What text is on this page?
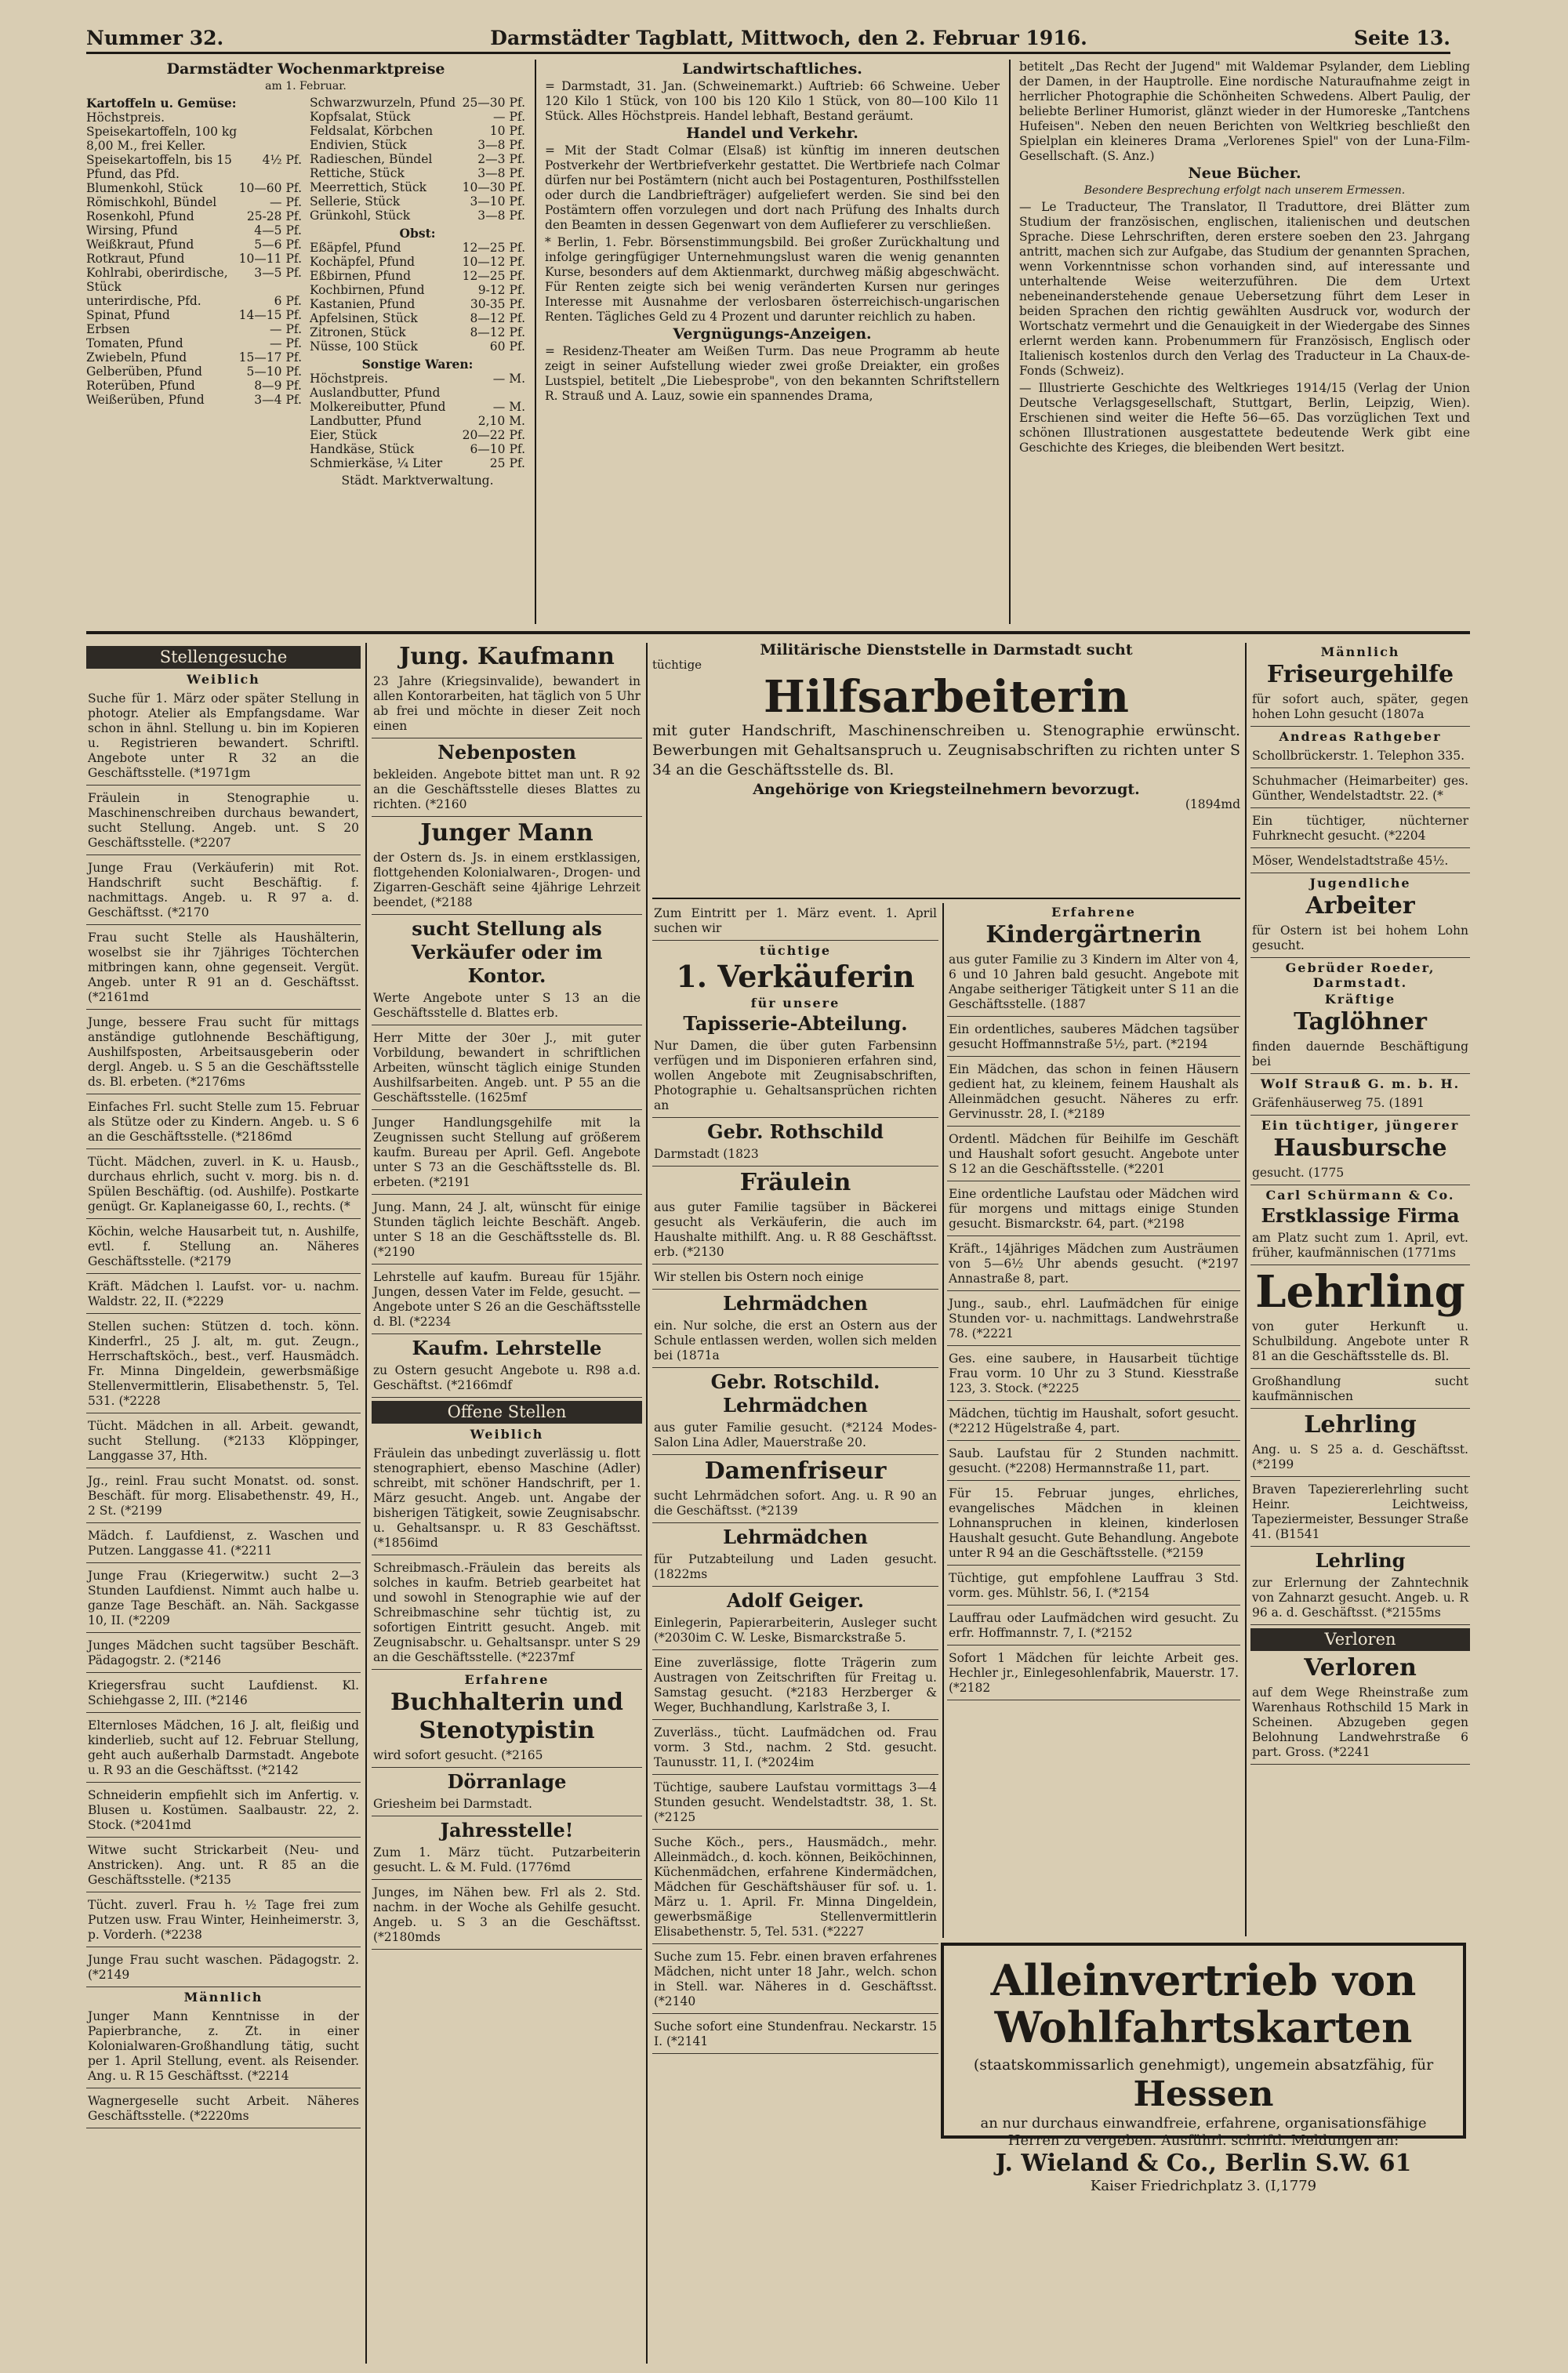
Nummer 32.	Darmstädter Tagblatt, Mittwoch, den 2. Februar 1916.	Seite 13.
Darmstädter Wochenmarktpreise
am 1. Februar.
Kartoffeln u. Gemüse:
Höchstpreis. Speisekartoffeln, 100 kg 8,00 M., frei Keller.	
Speisekartoffeln, bis 15 Pfund, das Pfd.	4½ Pf.
Blumenkohl, Stück	10—60 Pf.
Römischkohl, Bündel	— Pf.
Rosenkohl, Pfund	25-28 Pf.
Wirsing, Pfund	4—5 Pf.
Weißkraut, Pfund	5—6 Pf.
Rotkraut, Pfund	10—11 Pf.
Kohlrabi, oberirdische, Stück	3—5 Pf.
unterirdische, Pfd.	6 Pf.
Spinat, Pfund	14—15 Pf.
Erbsen	— Pf.
Tomaten, Pfund	— Pf.
Zwiebeln, Pfund	15—17 Pf.
Gelberüben, Pfund	5—10 Pf.
Roterüben, Pfund	8—9 Pf.
Weißerüben, Pfund	3—4 Pf.
Schwarzwurzeln, Pfund	25—30 Pf.
Kopfsalat, Stück	— Pf.
Feldsalat, Körbchen	10 Pf.
Endivien, Stück	3—8 Pf.
Radieschen, Bündel	2—3 Pf.
Rettiche, Stück	3—8 Pf.
Meerrettich, Stück	10—30 Pf.
Sellerie, Stück	3—10 Pf.
Grünkohl, Stück	3—8 Pf.
Obst:
Eßäpfel, Pfund	12—25 Pf.
Kochäpfel, Pfund	10—12 Pf.
Eßbirnen, Pfund	12—25 Pf.
Kochbirnen, Pfund	9-12 Pf.
Kastanien, Pfund	30-35 Pf.
Apfelsinen, Stück	8—12 Pf.
Zitronen, Stück	8—12 Pf.
Nüsse, 100 Stück	60 Pf.
Sonstige Waren:
Höchstpreis. Auslandbutter, Pfund	— M.
Molkereibutter, Pfund	— M.
Landbutter, Pfund	2,10 M.
Eier, Stück	20—22 Pf.
Handkäse, Stück	6—10 Pf.
Schmierkäse, ¼ Liter	25 Pf.
Städt. Marktverwaltung.
Landwirtschaftliches.

= Darmstadt, 31. Jan. (Schweinemarkt.) Auftrieb: 66 Schweine. Ueber 120 Kilo 1 Stück, von 100 bis 120 Kilo 1 Stück, von 80—100 Kilo 11 Stück. Alles Höchstpreis. Handel lebhaft, Bestand geräumt.

Handel und Verkehr.

= Mit der Stadt Colmar (Elsaß) ist künftig im inneren deutschen Postverkehr der Wertbriefverkehr gestattet. Die Wertbriefe nach Colmar dürfen nur bei Postämtern (nicht auch bei Postagenturen, Posthilfsstellen oder durch die Landbriefträger) aufgeliefert werden. Sie sind bei den Postämtern offen vorzulegen und dort nach Prüfung des Inhalts durch den Beamten in dessen Gegenwart von dem Auflieferer zu verschließen.

* Berlin, 1. Febr. Börsenstimmungsbild. Bei großer Zurückhaltung und infolge geringfügiger Unternehmungslust waren die wenig genannten Kurse, besonders auf dem Aktienmarkt, durchweg mäßig abgeschwächt. Für Renten zeigte sich bei wenig veränderten Kursen nur geringes Interesse mit Ausnahme der verlosbaren österreichisch-ungarischen Renten. Tägliches Geld zu 4 Prozent und darunter reichlich zu haben.

Vergnügungs-Anzeigen.

= Residenz-Theater am Weißen Turm. Das neue Programm ab heute zeigt in seiner Aufstellung wieder zwei große Dreiakter, ein großes Lustspiel, betitelt „Die Liebesprobe", von den bekannten Schriftstellern R. Strauß und A. Lauz, sowie ein spannendes Drama,

betitelt „Das Recht der Jugend" mit Waldemar Psylander, dem Liebling der Damen, in der Hauptrolle. Eine nordische Naturaufnahme zeigt in herrlicher Photographie die Schönheiten Schwedens. Albert Paulig, der beliebte Berliner Humorist, glänzt wieder in der Humoreske „Tantchens Hufeisen". Neben den neuen Berichten von Weltkrieg beschließt den Spielplan ein kleineres Drama „Verlorenes Spiel" von der Luna-Film-Gesellschaft. (S. Anz.)

Neue Bücher.
Besondere Besprechung erfolgt nach unserem Ermessen.

— Le Traducteur, The Translator, Il Traduttore, drei Blätter zum Studium der französischen, englischen, italienischen und deutschen Sprache. Diese Lehrschriften, deren erstere soeben den 23. Jahrgang antritt, machen sich zur Aufgabe, das Studium der genannten Sprachen, wenn Vorkenntnisse schon vorhanden sind, auf interessante und unterhaltende Weise weiterzuführen. Die dem Urtext nebeneinanderstehende genaue Uebersetzung führt dem Leser in beiden Sprachen den richtig gewählten Ausdruck vor, wodurch der Wortschatz vermehrt und die Genauigkeit in der Wiedergabe des Sinnes erlernt werden kann. Probenummern für Französisch, Englisch oder Italienisch kostenlos durch den Verlag des Traducteur in La Chaux-de-Fonds (Schweiz).

— Illustrierte Geschichte des Weltkrieges 1914/15 (Verlag der Union Deutsche Verlagsgesellschaft, Stuttgart, Berlin, Leipzig, Wien). Erschienen sind weiter die Hefte 56—65. Das vorzüglichen Text und schönen Illustrationen ausgestattete bedeutende Werk gibt eine Geschichte des Krieges, die bleibenden Wert besitzt.

Stellengesuche
Weiblich

Suche für 1. März oder später Stellung in photogr. Atelier als Empfangsdame. War schon in ähnl. Stellung u. bin im Kopieren u. Registrieren bewandert. Schriftl. Angebote unter R 32 an die Geschäftsstelle. (*1971gm

Fräulein in Stenographie u. Maschinenschreiben durchaus bewandert, sucht Stellung. Angeb. unt. S 20 Geschäftsstelle. (*2207

Junge Frau (Verkäuferin) mit Rot. Handschrift sucht Beschäftig. f. nachmittags. Angeb. u. R 97 a. d. Geschäftsst. (*2170

Frau sucht Stelle als Haushälterin, woselbst sie ihr 7jähriges Töchterchen mitbringen kann, ohne gegenseit. Vergüt. Angeb. unter R 91 an d. Geschäftsst. (*2161md

Junge, bessere Frau sucht für mittags anständige gutlohnende Beschäftigung, Aushilfsposten, Arbeitsausgeberin oder dergl. Angeb. u. S 5 an die Geschäftsstelle ds. Bl. erbeten. (*2176ms

Einfaches Frl. sucht Stelle zum 15. Februar als Stütze oder zu Kindern. Angeb. u. S 6 an die Geschäftsstelle. (*2186md

Tücht. Mädchen, zuverl. in K. u. Hausb., durchaus ehrlich, sucht v. morg. bis n. d. Spülen Beschäftig. (od. Aushilfe). Postkarte genügt. Gr. Kaplaneigasse 60, I., rechts. (*

Köchin, welche Hausarbeit tut, n. Aushilfe, evtl. f. Stellung an. Näheres Geschäftsstelle. (*2179

Kräft. Mädchen l. Laufst. vor- u. nachm. Waldstr. 22, II. (*2229

Stellen suchen: Stützen d. toch. könn. Kinderfrl., 25 J. alt, m. gut. Zeugn., Herrschaftsköch., best., verf. Hausmädch. Fr. Minna Dingeldein, gewerbsmäßige Stellenvermittlerin, Elisabethenstr. 5, Tel. 531. (*2228

Tücht. Mädchen in all. Arbeit. gewandt, sucht Stellung. (*2133 Klöppinger, Langgasse 37, Hth.

Jg., reinl. Frau sucht Monatst. od. sonst. Beschäft. für morg. Elisabethenstr. 49, H., 2 St. (*2199

Mädch. f. Laufdienst, z. Waschen und Putzen. Langgasse 41. (*2211

Junge Frau (Kriegerwitw.) sucht 2—3 Stunden Laufdienst. Nimmt auch halbe u. ganze Tage Beschäft. an. Näh. Sackgasse 10, II. (*2209

Junges Mädchen sucht tagsüber Beschäft. Pädagogstr. 2. (*2146

Kriegersfrau sucht Laufdienst. Kl. Schiehgasse 2, III. (*2146

Elternloses Mädchen, 16 J. alt, fleißig und kinderlieb, sucht auf 12. Februar Stellung, geht auch außerhalb Darmstadt. Angebote u. R 93 an die Geschäftsst. (*2142

Schneiderin empfiehlt sich im Anfertig. v. Blusen u. Kostümen. Saalbaustr. 22, 2. Stock. (*2041md

Witwe sucht Strickarbeit (Neu- und Anstricken). Ang. unt. R 85 an die Geschäftsstelle. (*2135

Tücht. zuverl. Frau h. ½ Tage frei zum Putzen usw. Frau Winter, Heinheimerstr. 3, p. Vorderh. (*2238

Junge Frau sucht waschen. Pädagogstr. 2. (*2149

Männlich

Junger Mann Kenntnisse in der Papierbranche, z. Zt. in einer Kolonialwaren-Großhandlung tätig, sucht per 1. April Stellung, event. als Reisender. Ang. u. R 15 Geschäftsst. (*2214

Wagnergeselle sucht Arbeit. Näheres Geschäftsstelle. (*2220ms

Jung. Kaufmann

23 Jahre (Kriegsinvalide), bewandert in allen Kontorarbeiten, hat täglich von 5 Uhr ab frei und möchte in dieser Zeit noch einen

Nebenposten

bekleiden. Angebote bittet man unt. R 92 an die Geschäftsstelle dieses Blattes zu richten. (*2160

Junger Mann

der Ostern ds. Js. in einem erstklassigen, flottgehenden Kolonialwaren-, Drogen- und Zigarren-Geschäft seine 4jährige Lehrzeit beendet, (*2188

sucht Stellung als Verkäufer oder im Kontor.

Werte Angebote unter S 13 an die Geschäftsstelle d. Blattes erb.

Herr Mitte der 30er J., mit guter Vorbildung, bewandert in schriftlichen Arbeiten, wünscht täglich einige Stunden Aushilfsarbeiten. Angeb. unt. P 55 an die Geschäftsstelle. (1625mf

Junger Handlungsgehilfe mit la Zeugnissen sucht Stellung auf größerem kaufm. Bureau per April. Gefl. Angebote unter S 73 an die Geschäftsstelle ds. Bl. erbeten. (*2191

Jung. Mann, 24 J. alt, wünscht für einige Stunden täglich leichte Beschäft. Angeb. unter S 18 an die Geschäftsstelle ds. Bl. (*2190

Lehrstelle auf kaufm. Bureau für 15jähr. Jungen, dessen Vater im Felde, gesucht. — Angebote unter S 26 an die Geschäftsstelle d. Bl. (*2234

Kaufm. Lehrstelle

zu Ostern gesucht Angebote u. R98 a.d. Geschäftst. (*2166mdf

Offene Stellen
Weiblich

Fräulein das unbedingt zuverlässig u. flott stenographiert, ebenso Maschine (Adler) schreibt, mit schöner Handschrift, per 1. März gesucht. Angeb. unt. Angabe der bisherigen Tätigkeit, sowie Zeugnisabschr. u. Gehaltsanspr. u. R 83 Geschäftsst. (*1856imd

Schreibmasch.-Fräulein das bereits als solches in kaufm. Betrieb gearbeitet hat und sowohl in Stenographie wie auf der Schreibmaschine sehr tüchtig ist, zu sofortigen Eintritt gesucht. Angeb. mit Zeugnisabschr. u. Gehaltsanspr. unter S 29 an die Geschäftsstelle. (*2237mf

Erfahrene
Buchhalterin und Stenotypistin

wird sofort gesucht. (*2165

Dörranlage

Griesheim bei Darmstadt.

Jahresstelle!

Zum 1. März tücht. Putzarbeiterin gesucht. L. & M. Fuld. (1776md

Junges, im Nähen bew. Frl als 2. Std. nachm. in der Woche als Gehilfe gesucht. Angeb. u. S 3 an die Geschäftsst. (*2180mds

Militärische Dienststelle in Darmstadt sucht
tüchtige
Hilfsarbeiterin

mit guter Handschrift, Maschinenschreiben u. Stenographie erwünscht. Bewerbungen mit Gehaltsanspruch u. Zeugnisabschriften zu richten unter S 34 an die Geschäftsstelle ds. Bl.

Angehörige von Kriegsteilnehmern bevorzugt.
(1894md

Zum Eintritt per 1. März event. 1. April suchen wir

tüchtige
1. Verkäuferin
für unsere
Tapisserie-Abteilung.

Nur Damen, die über guten Farbensinn verfügen und im Disponieren erfahren sind, wollen Angebote mit Zeugnisabschriften, Photographie u. Gehaltsansprüchen richten an

Gebr. Rothschild

Darmstadt (1823

Fräulein

aus guter Familie tagsüber in Bäckerei gesucht als Verkäuferin, die auch im Haushalte mithilft. Ang. u. R 88 Geschäftsst. erb. (*2130

Wir stellen bis Ostern noch einige

Lehrmädchen

ein. Nur solche, die erst an Ostern aus der Schule entlassen werden, wollen sich melden bei (1871a

Gebr. Rotschild.
Lehrmädchen

aus guter Familie gesucht. (*2124 Modes-Salon Lina Adler, Mauerstraße 20.

Damenfriseur

sucht Lehrmädchen sofort. Ang. u. R 90 an die Geschäftsst. (*2139

Lehrmädchen

für Putzabteilung und Laden gesucht. (1822ms

Adolf Geiger.

Einlegerin, Papierarbeiterin, Ausleger sucht (*2030im C. W. Leske, Bismarckstraße 5.

Eine zuverlässige, flotte Trägerin zum Austragen von Zeitschriften für Freitag u. Samstag gesucht. (*2183 Herzberger & Weger, Buchhandlung, Karlstraße 3, I.

Zuverläss., tücht. Laufmädchen od. Frau vorm. 3 Std., nachm. 2 Std. gesucht. Taunusstr. 11, I. (*2024im

Tüchtige, saubere Laufstau vormittags 3—4 Stunden gesucht. Wendelstadtstr. 38, 1. St. (*2125

Suche Köch., pers., Hausmädch., mehr. Alleinmädch., d. koch. können, Beiköchinnen, Küchenmädchen, erfahrene Kindermädchen, Mädchen für Geschäftshäuser für sof. u. 1. März u. 1. April. Fr. Minna Dingeldein, gewerbsmäßige Stellenvermittlerin Elisabethenstr. 5, Tel. 531. (*2227

Suche zum 15. Febr. einen braven erfahrenes Mädchen, nicht unter 18 Jahr., welch. schon in Stell. war. Näheres in d. Geschäftsst. (*2140

Suche sofort eine Stundenfrau. Neckarstr. 15 I. (*2141

Erfahrene
Kindergärtnerin

aus guter Familie zu 3 Kindern im Alter von 4, 6 und 10 Jahren bald gesucht. Angebote mit Angabe seitheriger Tätigkeit unter S 11 an die Geschäftsstelle. (1887

Ein ordentliches, sauberes Mädchen tagsüber gesucht Hoffmannstraße 5½, part. (*2194

Ein Mädchen, das schon in feinen Häusern gedient hat, zu kleinem, feinem Haushalt als Alleinmädchen gesucht. Näheres zu erfr. Gervinusstr. 28, I. (*2189

Ordentl. Mädchen für Beihilfe im Geschäft und Haushalt sofort gesucht. Angebote unter S 12 an die Geschäftsstelle. (*2201

Eine ordentliche Laufstau oder Mädchen wird für morgens und mittags einige Stunden gesucht. Bismarckstr. 64, part. (*2198

Kräft., 14jähriges Mädchen zum Austräumen von 5—6½ Uhr abends gesucht. (*2197 Annastraße 8, part.

Jung., saub., ehrl. Laufmädchen für einige Stunden vor- u. nachmittags. Landwehrstraße 78. (*2221

Ges. eine saubere, in Hausarbeit tüchtige Frau vorm. 10 Uhr zu 3 Stund. Kiesstraße 123, 3. Stock. (*2225

Mädchen, tüchtig im Haushalt, sofort gesucht. (*2212 Hügelstraße 4, part.

Saub. Laufstau für 2 Stunden nachmitt. gesucht. (*2208) Hermannstraße 11, part.

Für 15. Februar junges, ehrliches, evangelisches Mädchen in kleinen Lohnanspruchen in kleinen, kinderlosen Haushalt gesucht. Gute Behandlung. Angebote unter R 94 an die Geschäftsstelle. (*2159

Tüchtige, gut empfohlene Lauffrau 3 Std. vorm. ges. Mühlstr. 56, I. (*2154

Lauffrau oder Laufmädchen wird gesucht. Zu erfr. Hoffmannstr. 7, I. (*2152

Sofort 1 Mädchen für leichte Arbeit ges. Hechler jr., Einlegesohlenfabrik, Mauerstr. 17. (*2182

Männlich
Friseurgehilfe

für sofort auch, später, gegen hohen Lohn gesucht (1807a

Andreas Rathgeber

Schollbrückerstr. 1. Telephon 335.

Schuhmacher (Heimarbeiter) ges. Günther, Wendelstadtstr. 22. (*

Ein tüchtiger, nüchterner Fuhrknecht gesucht. (*2204

Möser, Wendelstadtstraße 45½.

Jugendliche
Arbeiter

für Ostern ist bei hohem Lohn gesucht.

Gebrüder Roeder, Darmstadt.
Kräftige
Taglöhner

finden dauernde Beschäftigung bei

Wolf Strauß G. m. b. H.

Gräfenhäuserweg 75. (1891

Ein tüchtiger, jüngerer
Hausbursche

gesucht. (1775

Carl Schürmann & Co.
Erstklassige Firma

am Platz sucht zum 1. April, evt. früher, kaufmännischen (1771ms

Lehrling

von guter Herkunft u. Schulbildung. Angebote unter R 81 an die Geschäftsstelle ds. Bl.

Großhandlung sucht kaufmännischen

Lehrling

Ang. u. S 25 a. d. Geschäftsst. (*2199

Braven Tapeziererlehrling sucht Heinr. Leichtweiss, Tapeziermeister, Bessunger Straße 41. (B1541

Lehrling

zur Erlernung der Zahntechnik von Zahnarzt gesucht. Angeb. u. R 96 a. d. Geschäftsst. (*2155ms

Verloren
Verloren

auf dem Wege Rheinstraße zum Warenhaus Rothschild 15 Mark in Scheinen. Abzugeben gegen Belohnung Landwehrstraße 6 part. Gross. (*2241

Alleinvertrieb von Wohlfahrtskarten
(staatskommissarlich genehmigt), ungemein absatzfähig, für
Hessen
an nur durchaus einwandfreie, erfahrene, organisationsfähige Herren zu vergeben. Ausführl. schriftl. Meldungen an:
J. Wieland & Co., Berlin S.W. 61
Kaiser Friedrichplatz 3. (I,1779
